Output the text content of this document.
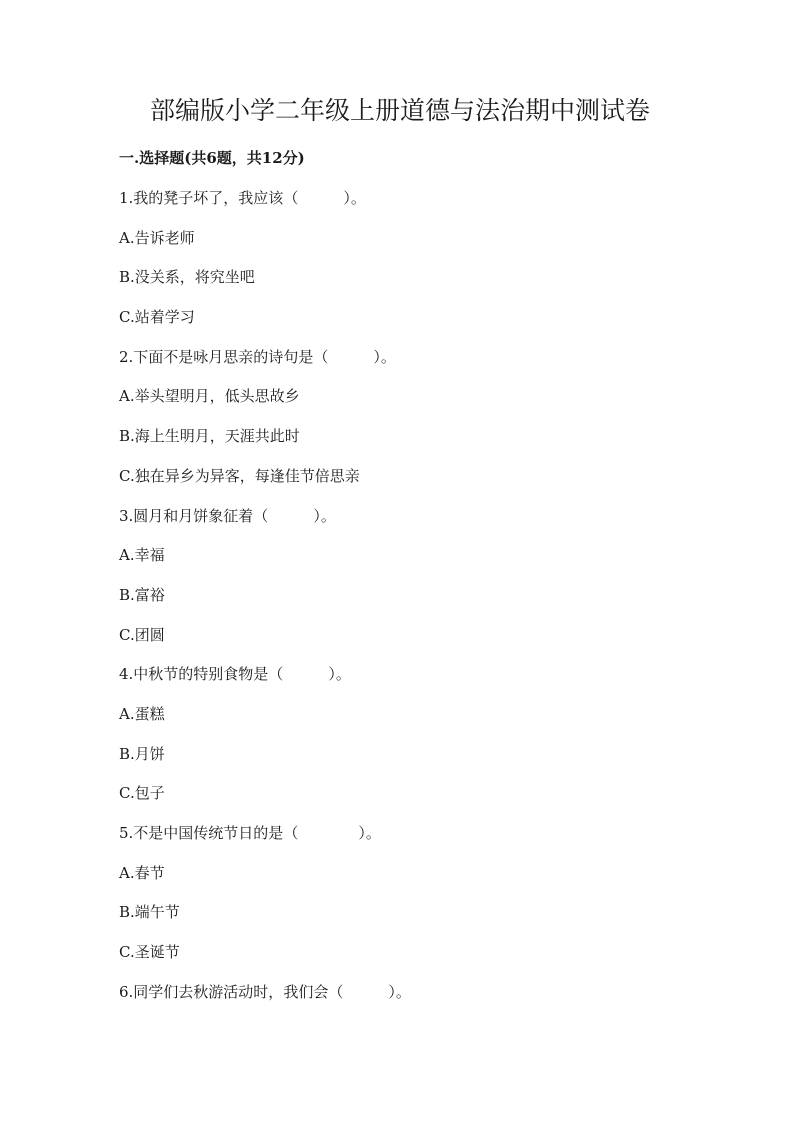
部编版小学二年级上册道德与法治期中测试卷
一.选择题(共6题，共12分)
1.我的凳子坏了，我应该（　　　）。
A.告诉老师
B.没关系，将究坐吧
C.站着学习
2.下面不是咏月思亲的诗句是（　　　）。
A.举头望明月，低头思故乡
B.海上生明月，天涯共此时
C.独在异乡为异客，每逢佳节倍思亲
3.圆月和月饼象征着（　　　）。
A.幸福
B.富裕
C.团圆
4.中秋节的特别食物是（　　　）。
A.蛋糕
B.月饼
C.包子
5.不是中国传统节日的是（　　　　）。
A.春节
B.端午节
C.圣诞节
6.同学们去秋游活动时，我们会（　　　）。
